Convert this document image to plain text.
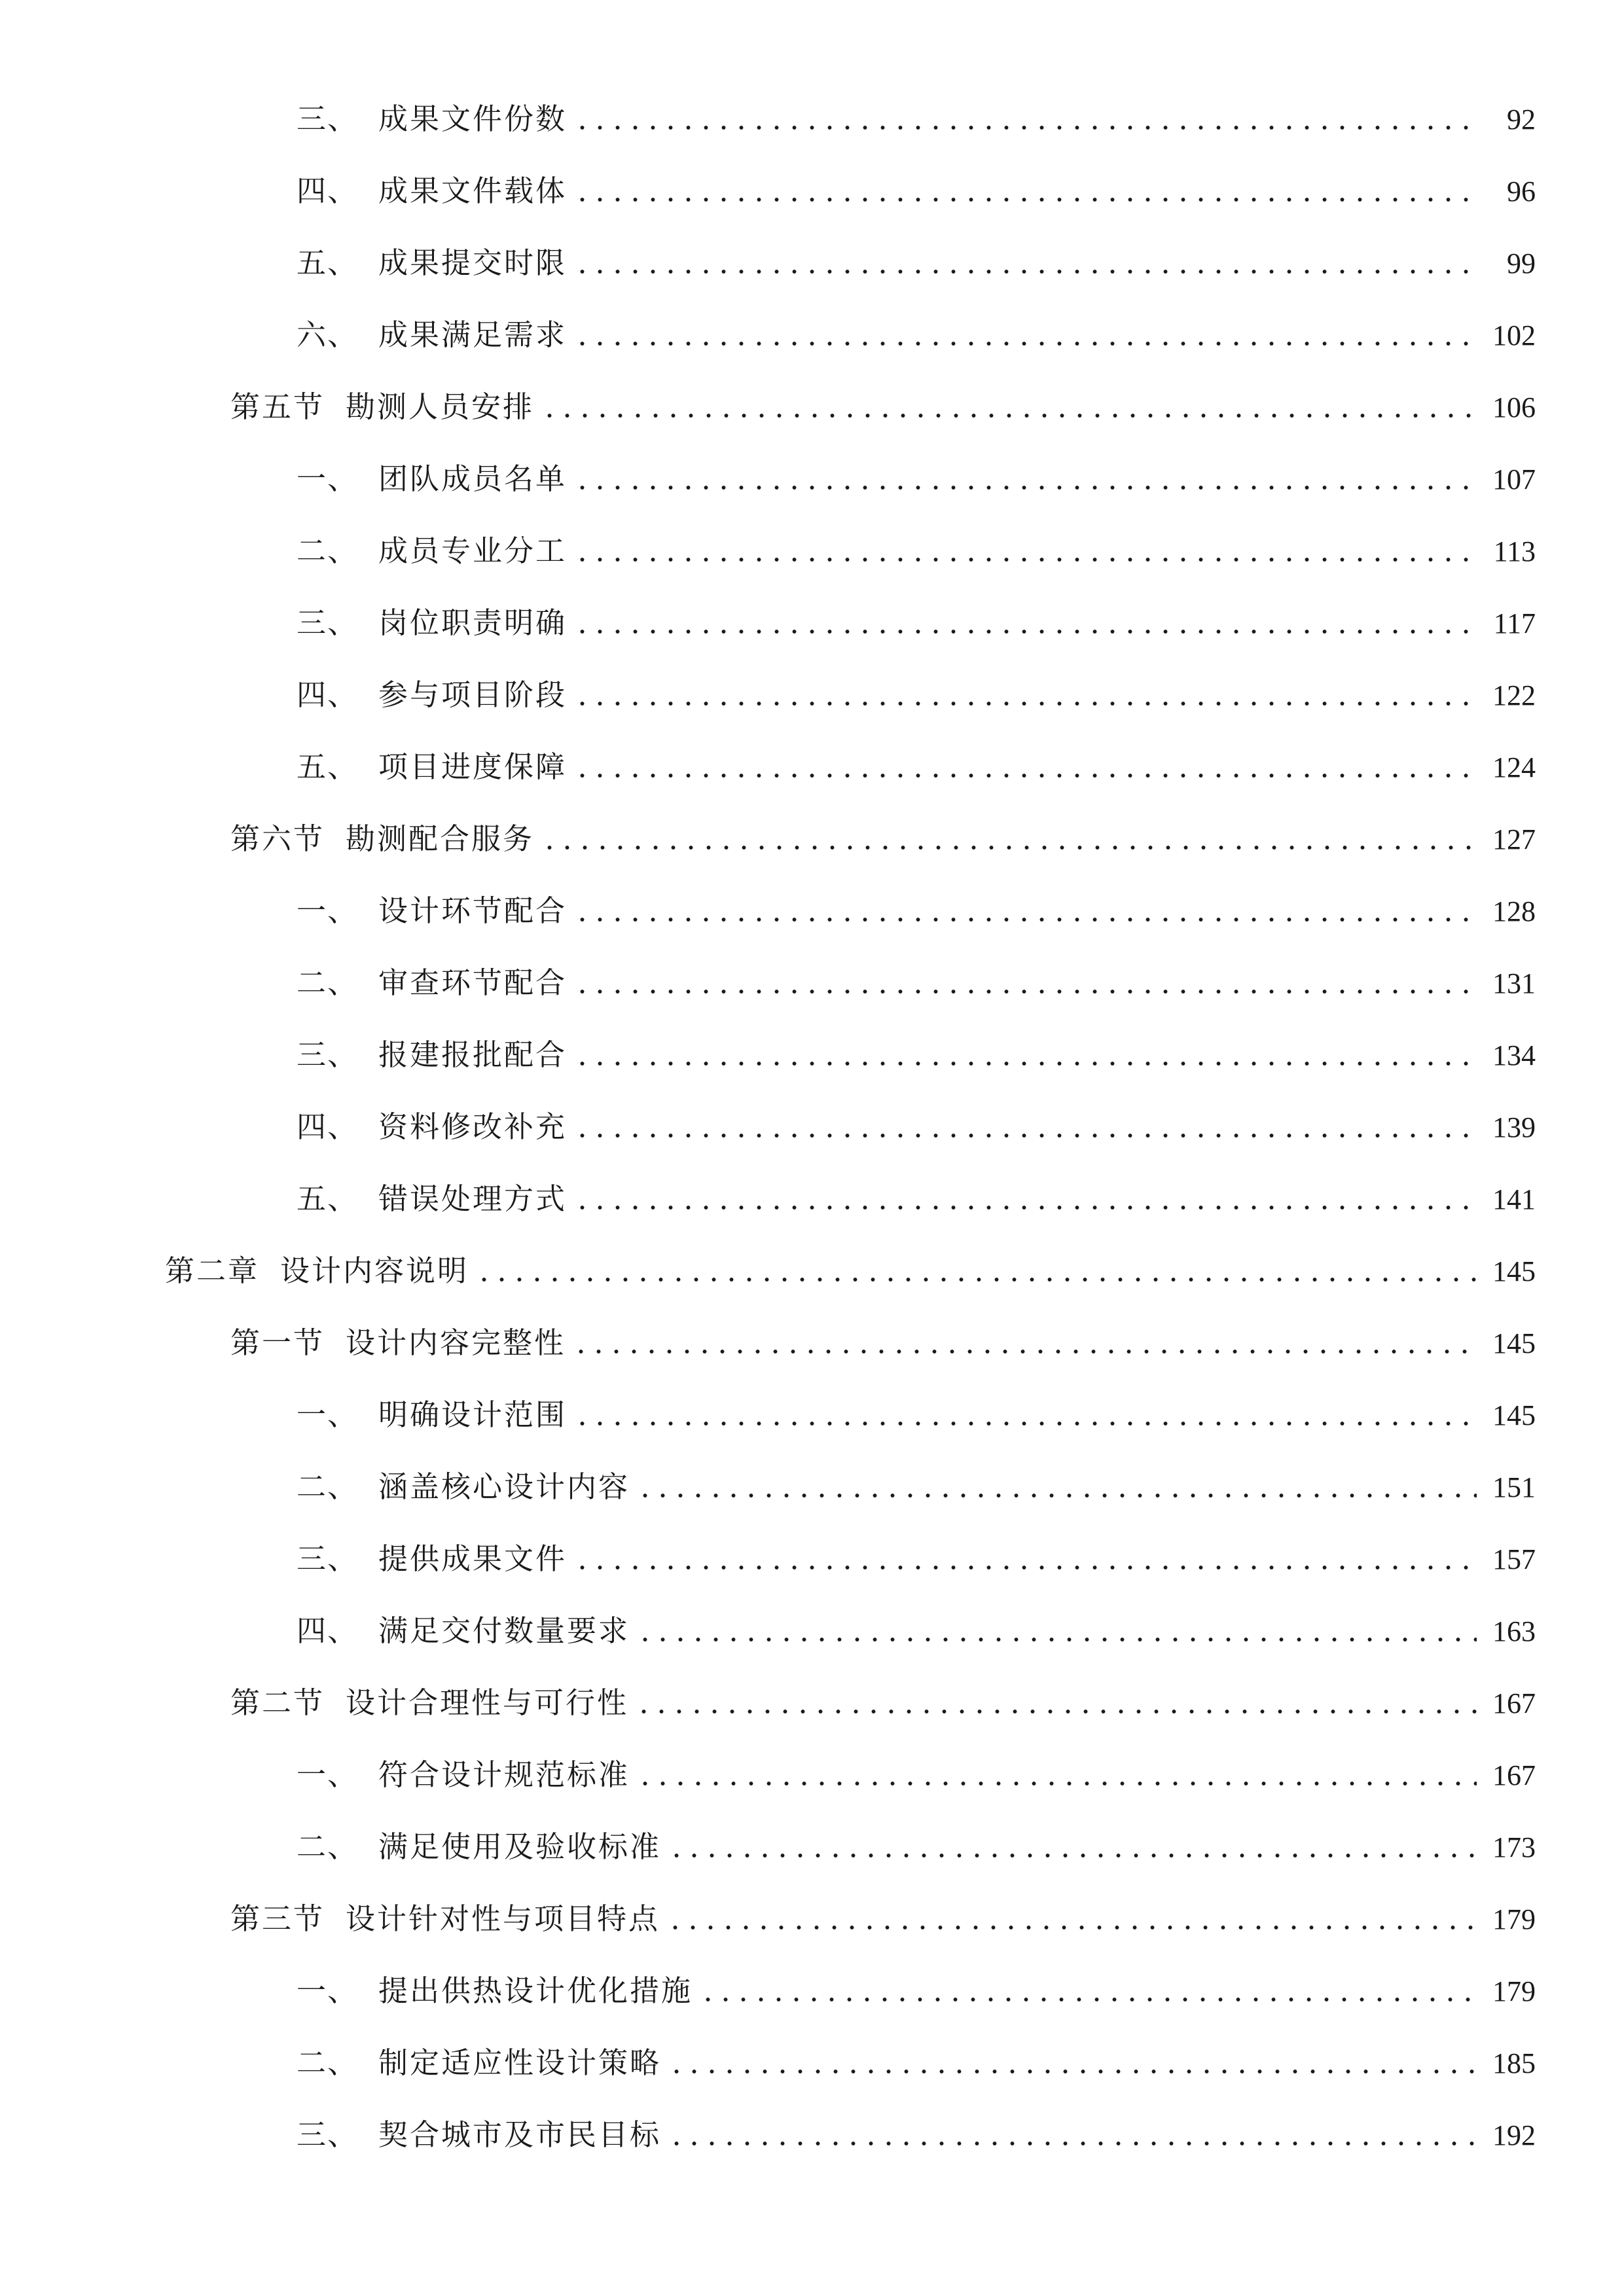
三、 成果文件份数	92
四、 成果文件载体	96
五、 成果提交时限	99
六、 成果满足需求	102
第五节 勘测人员安排	106
一、 团队成员名单	107
二、 成员专业分工	113
三、 岗位职责明确	117
四、 参与项目阶段	122
五、 项目进度保障	124
第六节 勘测配合服务	127
一、 设计环节配合	128
二、 审查环节配合	131
三、 报建报批配合	134
四、 资料修改补充	139
五、 错误处理方式	141
第二章 设计内容说明	145
第一节 设计内容完整性	145
一、 明确设计范围	145
二、 涵盖核心设计内容	151
三、 提供成果文件	157
四、 满足交付数量要求	163
第二节 设计合理性与可行性	167
一、 符合设计规范标准	167
二、 满足使用及验收标准	173
第三节 设计针对性与项目特点	179
一、 提出供热设计优化措施	179
二、 制定适应性设计策略	185
三、 契合城市及市民目标	192
